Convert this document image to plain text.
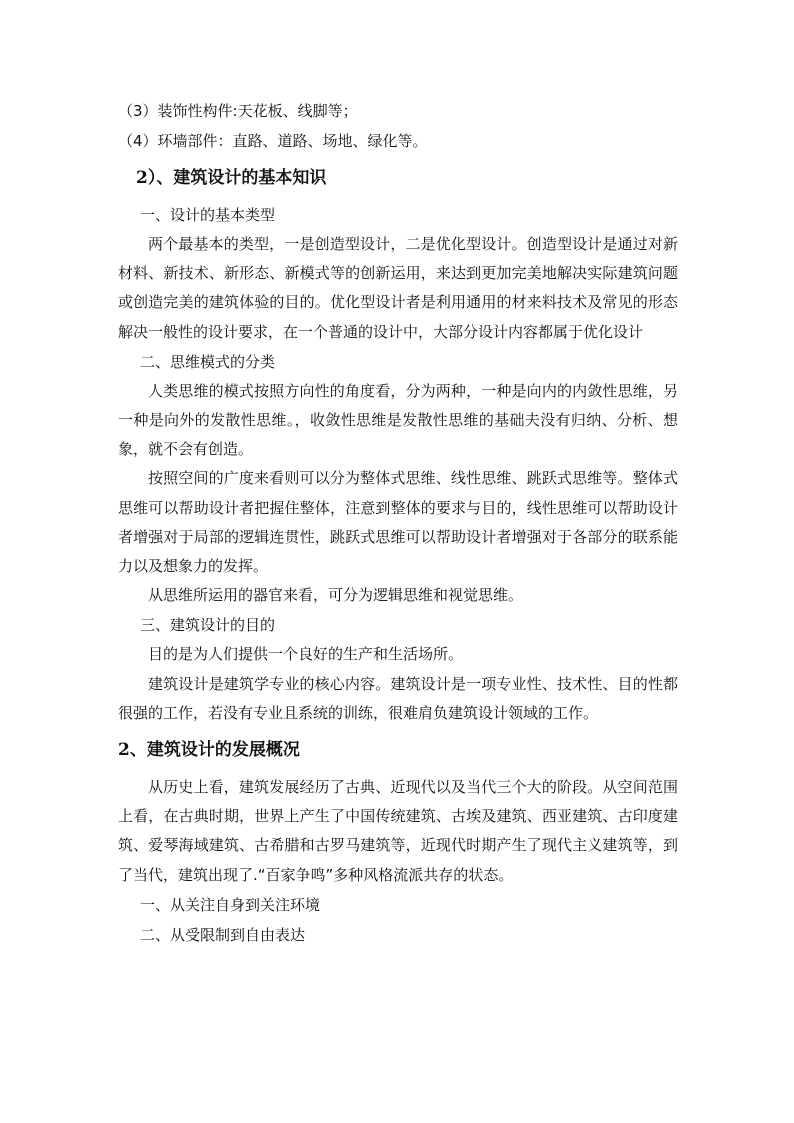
（3）装饰性构件:天花板、线脚等；

（4）环墙部件：直路、道路、场地、绿化等。

2）、建筑设计的基本知识

一、设计的基本类型

两个最基本的类型，一是创造型设计，二是优化型设计。创造型设计是通过对新材料、新技术、新形态、新模式等的创新运用，来达到更加完美地解决实际建筑问题或创造完美的建筑体验的目的。优化型设计者是利用通用的材来料技术及常见的形态解决一般性的设计要求，在一个普通的设计中，大部分设计内容都属于优化设计

二、思维模式的分类

人类思维的模式按照方向性的角度看，分为两种，一种是向内的内敛性思维，另一种是向外的发散性思维。，收敛性思维是发散性思维的基础夫没有归纳、分析、想象，就不会有创造。

按照空间的广度来看则可以分为整体式思维、线性思维、跳跃式思维等。整体式思维可以帮助设计者把握住整体，注意到整体的要求与目的，线性思维可以帮助设计者增强对于局部的逻辑连贯性，跳跃式思维可以帮助设计者增强对于各部分的联系能力以及想象力的发挥。

从思维所运用的器官来看，可分为逻辑思维和视觉思维。

三、建筑设计的目的

目的是为人们提供一个良好的生产和生活场所。

建筑设计是建筑学专业的核心内容。建筑设计是一项专业性、技术性、目的性都很强的工作，若没有专业且系统的训练，很难肩负建筑设计领域的工作。

2、建筑设计的发展概况

从历史上看，建筑发展经历了古典、近现代以及当代三个大的阶段。从空间范围上看，在古典时期，世界上产生了中国传统建筑、古埃及建筑、西亚建筑、古印度建筑、爱琴海域建筑、古希腊和古罗马建筑等，近现代时期产生了现代主义建筑等，到了当代，建筑出现了.“百家争鸣”多种风格流派共存的状态。

一、从关注自身到关注环境

二、从受限制到自由表达
